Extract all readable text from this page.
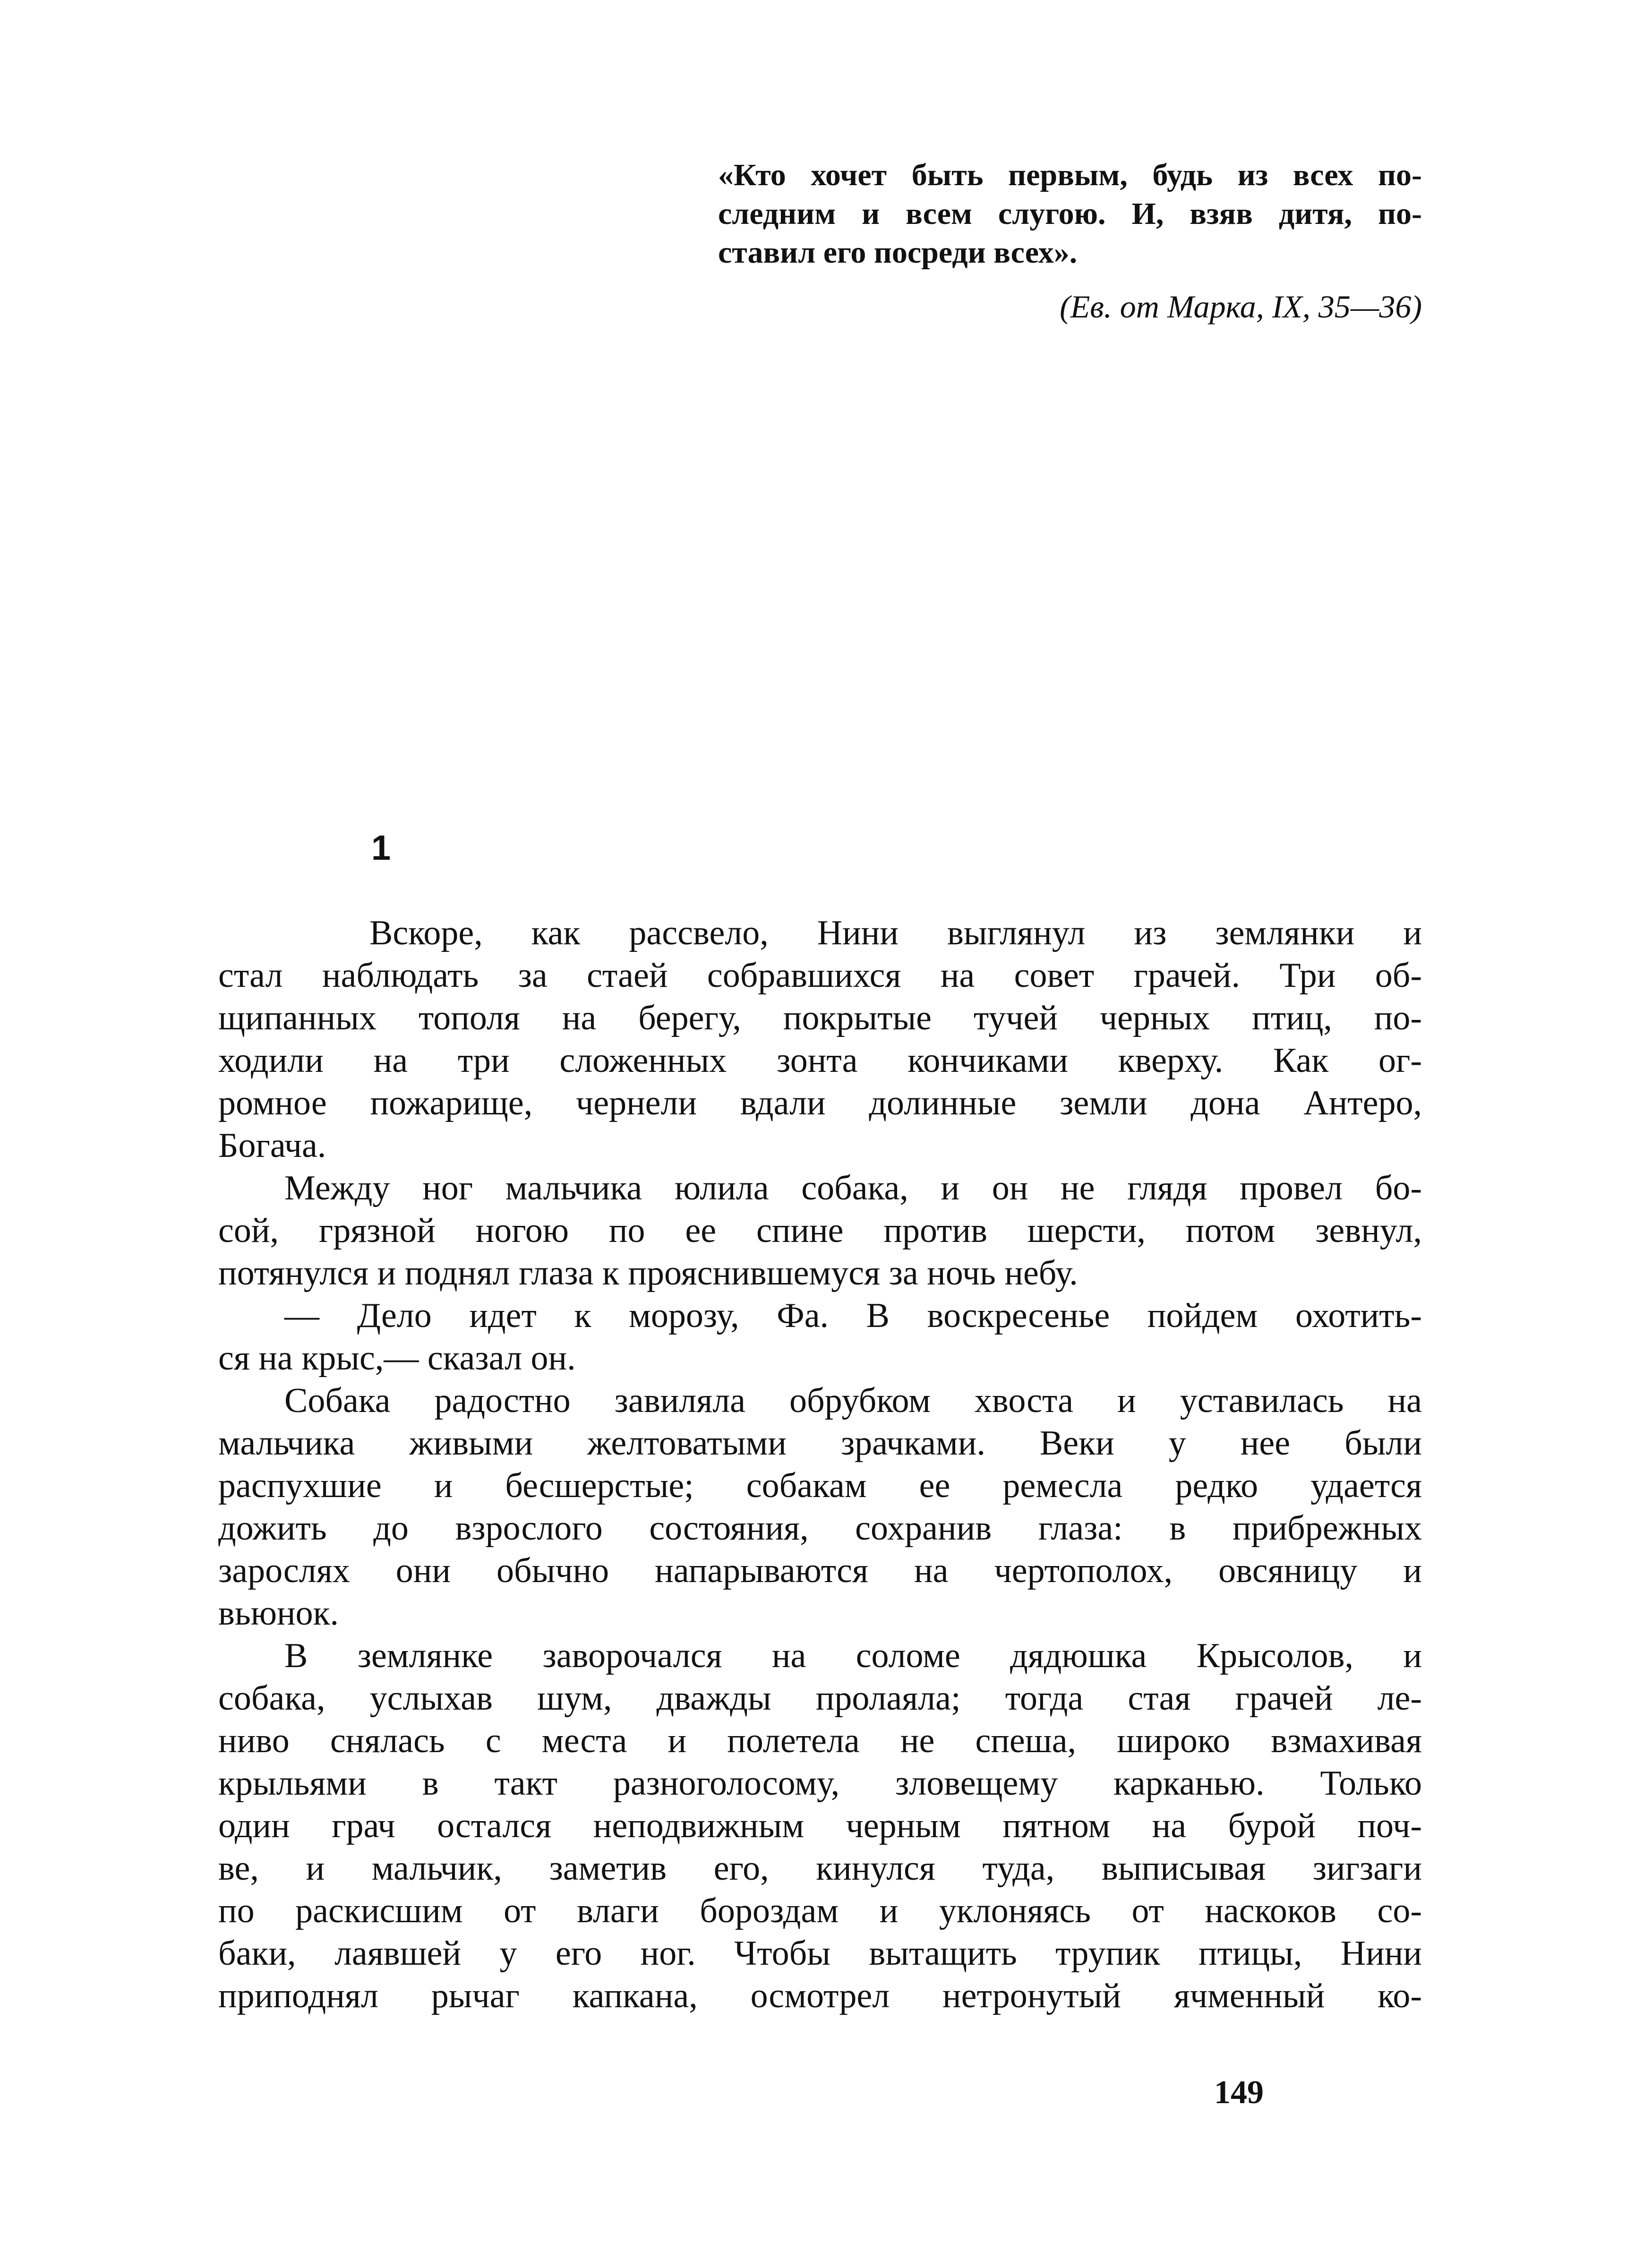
«Кто хочет быть первым, будь из всех по-
следним и всем слугою. И, взяв дитя, по-
ставил его посреди всех».
(Ев. от Марка, IX, 35—36)
1
Вскоре, как рассвело, Нини выглянул из землянки и
стал наблюдать за стаей собравшихся на совет грачей. Три об-
щипанных тополя на берегу, покрытые тучей черных птиц, по-
ходили на три сложенных зонта кончиками кверху. Как ог-
ромное пожарище, чернели вдали долинные земли дона Антеро,
Богача.
Между ног мальчика юлила собака, и он не глядя провел бо-
сой, грязной ногою по ее спине против шерсти, потом зевнул,
потянулся и поднял глаза к прояснившемуся за ночь небу.
— Дело идет к морозу, Фа. В воскресенье пойдем охотить-
ся на крыс,— сказал он.
Собака радостно завиляла обрубком хвоста и уставилась на
мальчика живыми желтоватыми зрачками. Веки у нее были
распухшие и бесшерстые; собакам ее ремесла редко удается
дожить до взрослого состояния, сохранив глаза: в прибрежных
зарослях они обычно напарываются на чертополох, овсяницу и
вьюнок.
В землянке заворочался на соломе дядюшка Крысолов, и
собака, услыхав шум, дважды пролаяла; тогда стая грачей ле-
ниво снялась с места и полетела не спеша, широко взмахивая
крыльями в такт разноголосому, зловещему карканью. Только
один грач остался неподвижным черным пятном на бурой поч-
ве, и мальчик, заметив его, кинулся туда, выписывая зигзаги
по раскисшим от влаги бороздам и уклоняясь от наскоков со-
баки, лаявшей у его ног. Чтобы вытащить трупик птицы, Нини
приподнял рычаг капкана, осмотрел нетронутый ячменный ко-
149
